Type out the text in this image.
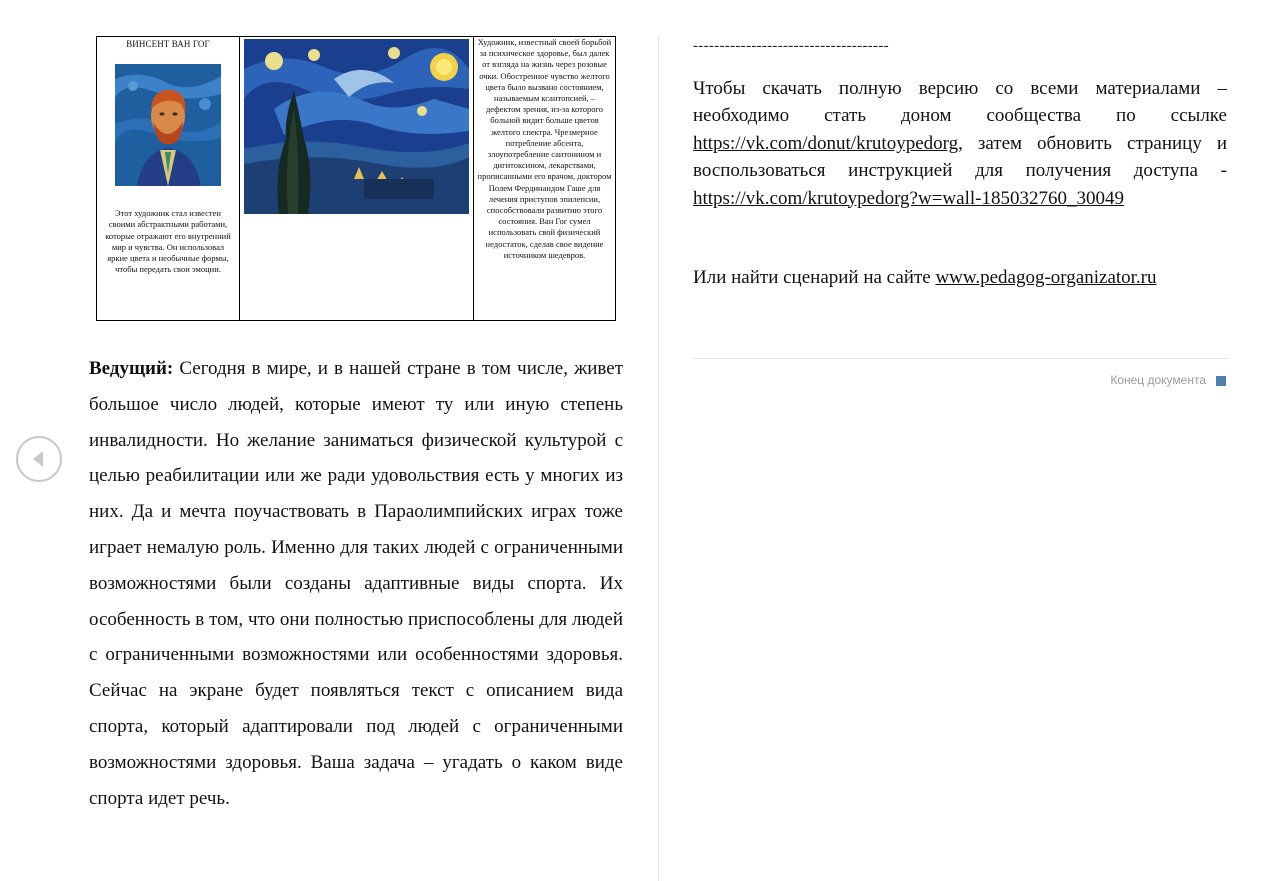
ВИНСЕНТ ВАН ГОГ
Этот художник стал известен своими абстрактными работами, которые отражают его внутренний мир и чувства. Он использовал яркие цвета и необычные формы, чтобы передать свои эмоции.

Художник, известный своей борьбой за психическое здоровье, был далек от взгляда на жизнь через розовые очки. Обостренное чувство желтого цвета было вызвано состоянием, называемым ксантопсией, – дефектом зрения, из-за которого больной видит больше цветов желтого спектра. Чрезмерное потребление абсента, злоупотребление сантонином и дигитоксином, лекарствами, прописанными его врачом, доктором Полем Фердинандом Гаше для лечения приступов эпилепсии, способствовали развитию этого состояния. Ван Гог сумел использовать свой физический недостаток, сделав свое видение источником шедевров.
Ведущий: Сегодня в мире, и в нашей стране в том числе, живет большое число людей, которые имеют ту или иную степень инвалидности. Но желание заниматься физической культурой с целью реабилитации или же ради удовольствия есть у многих из них. Да и мечта поучаствовать в Параолимпийских играх тоже играет немалую роль. Именно для таких людей с ограниченными возможностями были созданы адаптивные виды спорта. Их особенность в том, что они полностью приспособлены для людей с ограниченными возможностями или особенностями здоровья. Сейчас на экране будет появляться текст с описанием вида спорта, который адаптировали под людей с ограниченными возможностями здоровья. Ваша задача – угадать о каком виде спорта идет речь.
-------------------------------------
Чтобы скачать полную версию со всеми материалами – необходимо стать доном сообщества по ссылке https://vk.com/donut/krutoypedorg, затем обновить страницу и воспользоваться инструкцией для получения доступа - https://vk.com/krutoypedorg?w=wall-185032760_30049
Или найти сценарий на сайте www.pedagog-organizator.ru
Конец документа
